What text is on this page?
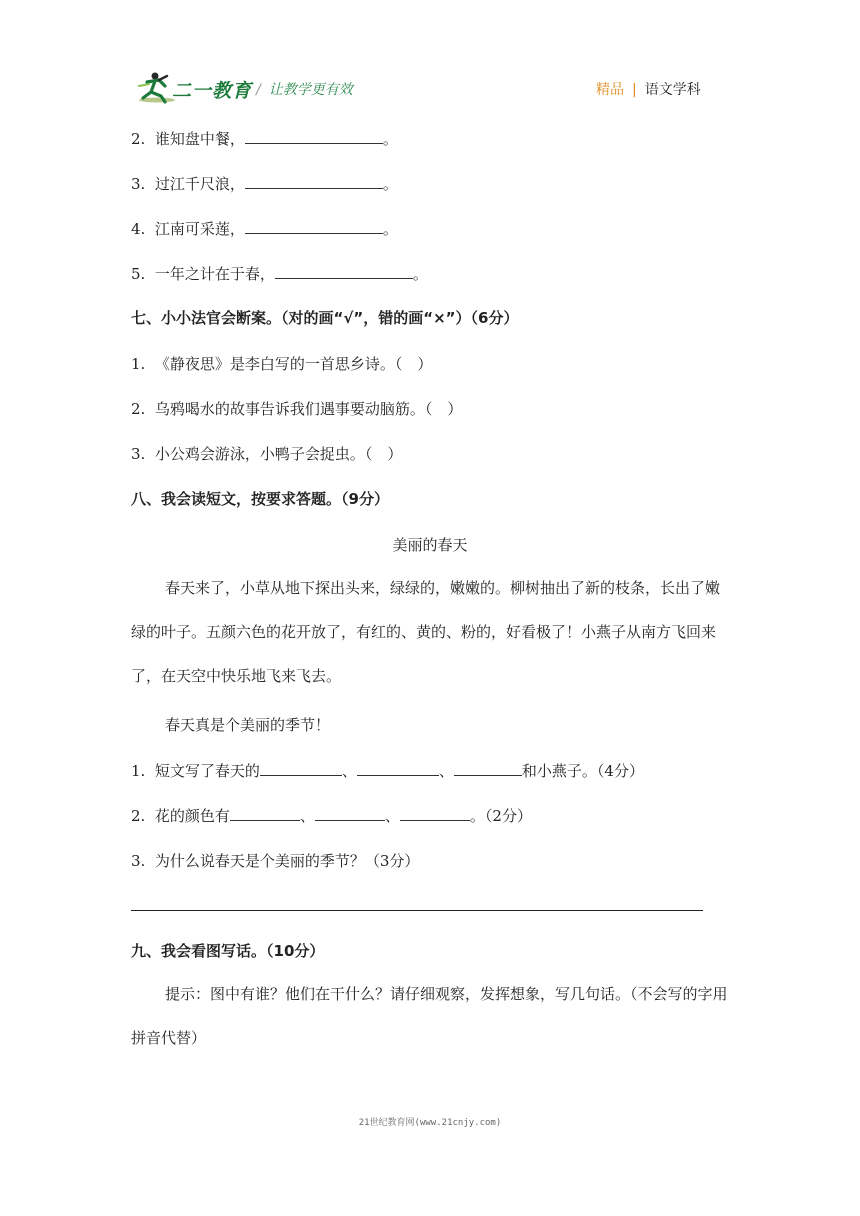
二一教育 / 让教学更有效	精品 | 语文学科
2. 谁知盘中餐，	。
3. 过江千尺浪，	。
4. 江南可采莲，	。
5. 一年之计在于春，	。
七、小小法官会断案。（对的画“√”，错的画“×”）（6分）
1. 《静夜思》是李白写的一首思乡诗。（　）
2. 乌鸦喝水的故事告诉我们遇事要动脑筋。（　）
3. 小公鸡会游泳，小鸭子会捉虫。（　）
八、我会读短文，按要求答题。（9分）
美丽的春天
春天来了，小草从地下探出头来，绿绿的，嫩嫩的。柳树抽出了新的枝条，长出了嫩绿的叶子。五颜六色的花开放了，有红的、黄的、粉的，好看极了！小燕子从南方飞回来了，在天空中快乐地飞来飞去。
春天真是个美丽的季节！
1. 短文写了春天的	、	、	和小燕子。（4分）
2. 花的颜色有	、	、	。（2分）
3. 为什么说春天是个美丽的季节？（3分）
九、我会看图写话。（10分）
提示：图中有谁？他们在干什么？请仔细观察，发挥想象，写几句话。（不会写的字用拼音代替）
21世纪教育网(www.21cnjy.com)
